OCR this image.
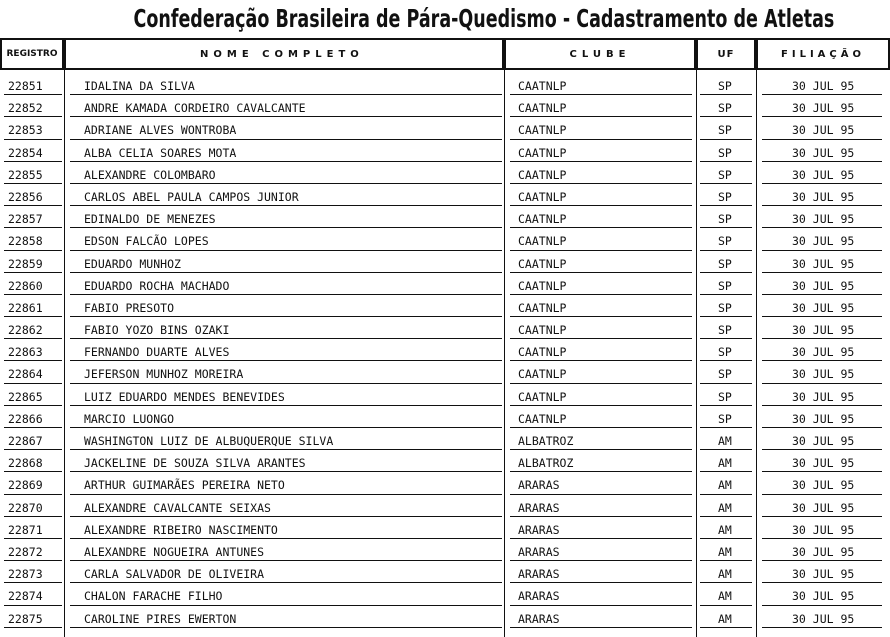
Confederação Brasileira de Pára-Quedismo - Cadastramento de Atletas
REGISTRO	NOME COMPLETO	CLUBE	UF	FILIAÇÃO
22851	IDALINA DA SILVA	CAATNLP	SP	30 JUL 95
22852	ANDRE KAMADA CORDEIRO CAVALCANTE	CAATNLP	SP	30 JUL 95
22853	ADRIANE ALVES WONTROBA	CAATNLP	SP	30 JUL 95
22854	ALBA CELIA SOARES MOTA	CAATNLP	SP	30 JUL 95
22855	ALEXANDRE COLOMBARO	CAATNLP	SP	30 JUL 95
22856	CARLOS ABEL PAULA CAMPOS JUNIOR	CAATNLP	SP	30 JUL 95
22857	EDINALDO DE MENEZES	CAATNLP	SP	30 JUL 95
22858	EDSON FALCÃO LOPES	CAATNLP	SP	30 JUL 95
22859	EDUARDO MUNHOZ	CAATNLP	SP	30 JUL 95
22860	EDUARDO ROCHA MACHADO	CAATNLP	SP	30 JUL 95
22861	FABIO PRESOTO	CAATNLP	SP	30 JUL 95
22862	FABIO YOZO BINS OZAKI	CAATNLP	SP	30 JUL 95
22863	FERNANDO DUARTE ALVES	CAATNLP	SP	30 JUL 95
22864	JEFERSON MUNHOZ MOREIRA	CAATNLP	SP	30 JUL 95
22865	LUIZ EDUARDO MENDES BENEVIDES	CAATNLP	SP	30 JUL 95
22866	MARCIO LUONGO	CAATNLP	SP	30 JUL 95
22867	WASHINGTON LUIZ DE ALBUQUERQUE SILVA	ALBATROZ	AM	30 JUL 95
22868	JACKELINE DE SOUZA SILVA ARANTES	ALBATROZ	AM	30 JUL 95
22869	ARTHUR GUIMARÃES PEREIRA NETO	ARARAS	AM	30 JUL 95
22870	ALEXANDRE CAVALCANTE SEIXAS	ARARAS	AM	30 JUL 95
22871	ALEXANDRE RIBEIRO NASCIMENTO	ARARAS	AM	30 JUL 95
22872	ALEXANDRE NOGUEIRA ANTUNES	ARARAS	AM	30 JUL 95
22873	CARLA SALVADOR DE OLIVEIRA	ARARAS	AM	30 JUL 95
22874	CHALON FARACHE FILHO	ARARAS	AM	30 JUL 95
22875	CAROLINE PIRES EWERTON	ARARAS	AM	30 JUL 95
